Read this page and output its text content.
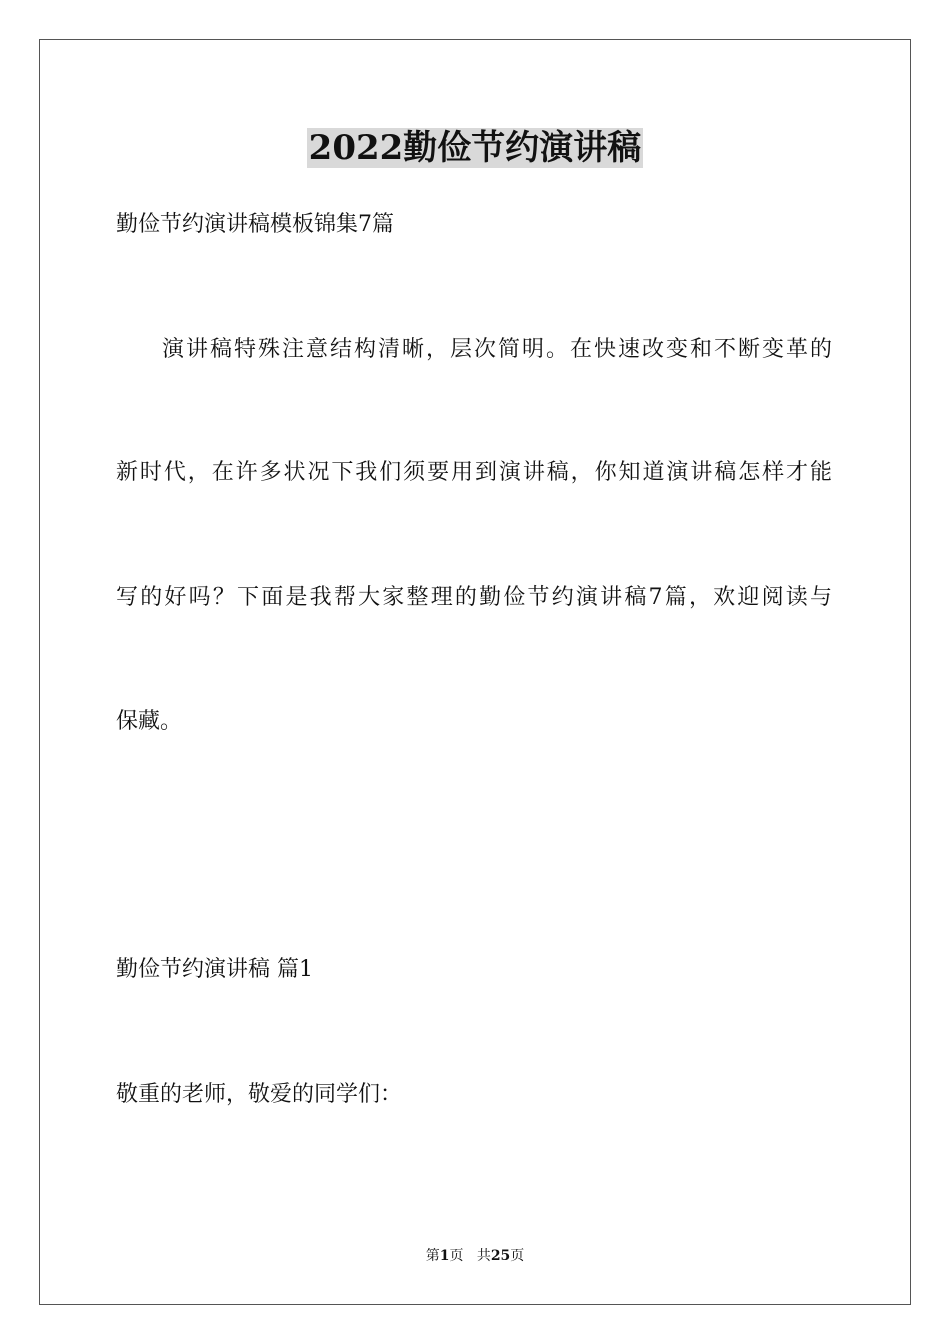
2022勤俭节约演讲稿
勤俭节约演讲稿模板锦集7篇
演讲稿特殊注意结构清晰，层次简明。在快速改变和不断变革的
新时代，在许多状况下我们须要用到演讲稿，你知道演讲稿怎样才能
写的好吗？下面是我帮大家整理的勤俭节约演讲稿7篇，欢迎阅读与
保藏。
勤俭节约演讲稿 篇1
敬重的老师，敬爱的同学们：
第1页 共25页
